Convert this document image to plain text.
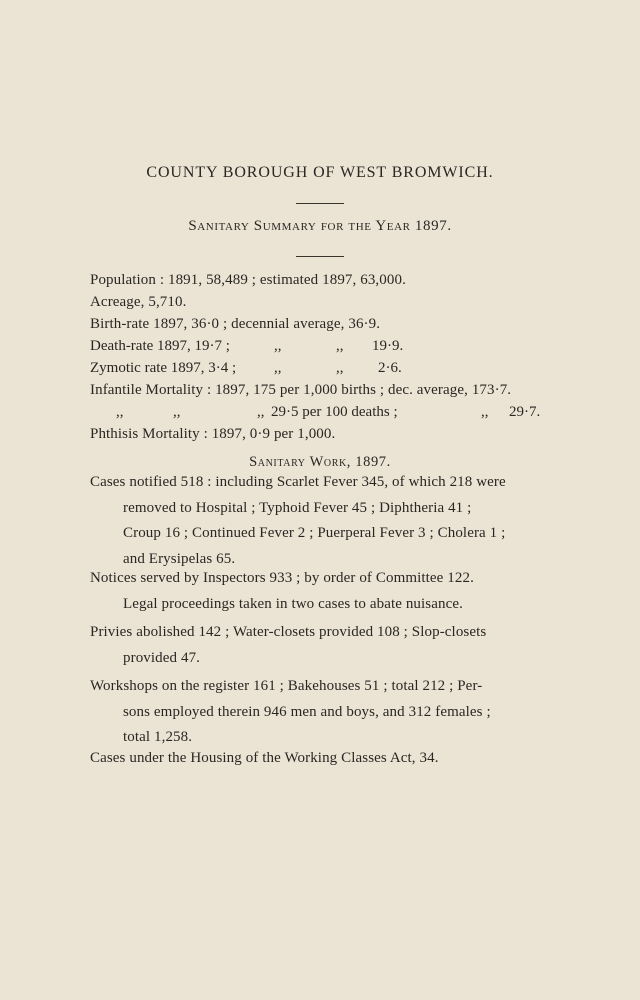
COUNTY BOROUGH OF WEST BROMWICH.
Sanitary Summary for the Year 1897.
Population : 1891, 58,489 ; estimated 1897, 63,000.
Acreage, 5,710.
Birth-rate 1897, 36·0 ; decennial average, 36·9.
Death-rate 1897, 19·7 ;	,,	,, 19·9.
Zymotic rate 1897, 3·4 ;	,,	,, 2·6.
Infantile Mortality : 1897, 175 per 1,000 births ; dec. average, 173·7.
,,	,,	,, 29·5 per 100 deaths ;	,, 29·7.
Phthisis Mortality : 1897, 0·9 per 1,000.
Sanitary Work, 1897.
Cases notified 518 : including Scarlet Fever 345, of which 218 were
removed to Hospital ; Typhoid Fever 45 ; Diphtheria 41 ;
Croup 16 ; Continued Fever 2 ; Puerperal Fever 3 ; Cholera 1 ;
and Erysipelas 65.
Notices served by Inspectors 933 ; by order of Committee 122.
Legal proceedings taken in two cases to abate nuisance.
Privies abolished 142 ; Water-closets provided 108 ; Slop-closets
provided 47.
Workshops on the register 161 ; Bakehouses 51 ; total 212 ; Per-
sons employed therein 946 men and boys, and 312 females ;
total 1,258.
Cases under the Housing of the Working Classes Act, 34.
